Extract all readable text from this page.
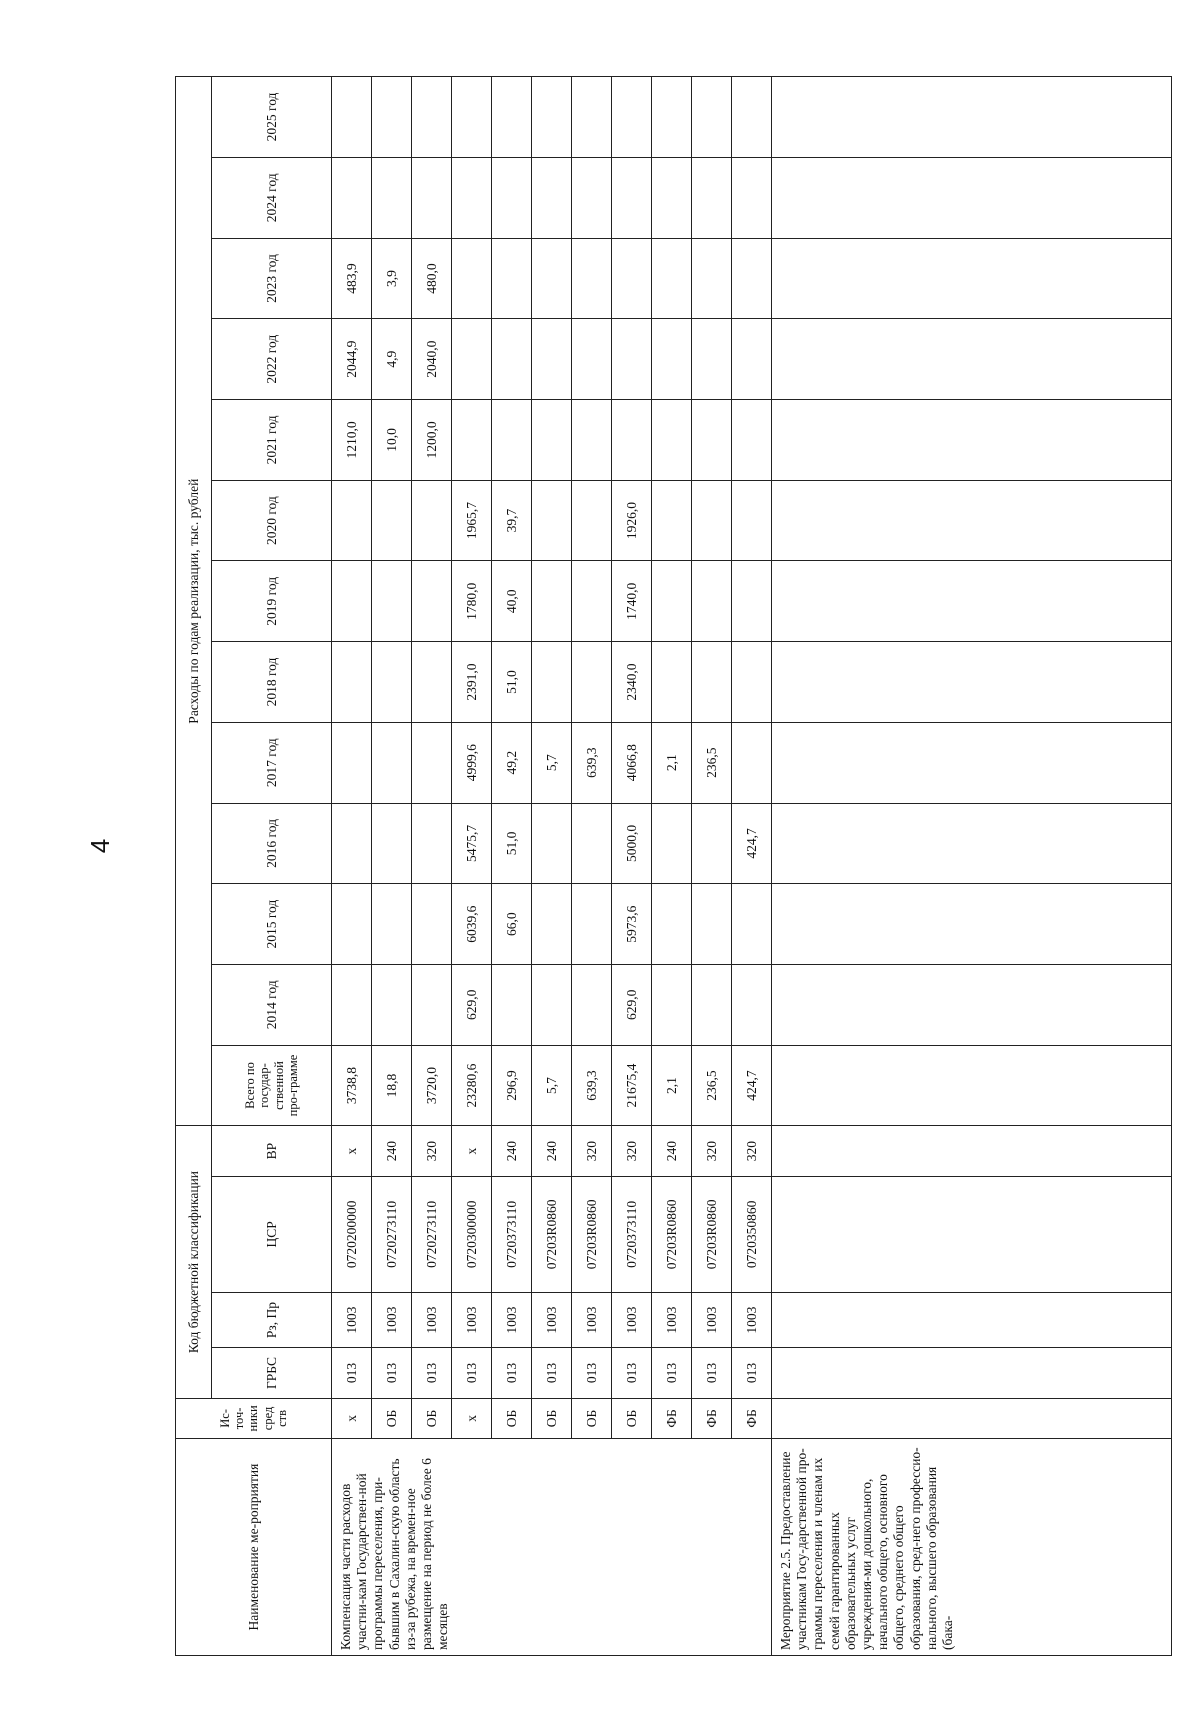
4
Наименование ме-роприятия	Ис-точ-ники сред ств	Код бюджетной классификации				Расходы по годам реализации, тыс. рублей												
		ГРБС	Рз, Пр	ЦСР	ВР	Всего по государ-ственной про-грамме	2014 год	2015 год	2016 год	2017 год	2018 год	2019 год	2020 год	2021 год	2022 год	2023 год	2024 год	2025 год
Компенсация части расходов участни-кам Государствен-ной программы переселения, при-бывшим в Сахалин-скую область из-за рубежа, на времен-ное размещение на период не более 6 месяцев	x	013	1003	0720200000	x	3738,8								1210,0	2044,9	483,9		
	ОБ	013	1003	0720273110	240	18,8								10,0	4,9	3,9		
	ОБ	013	1003	0720273110	320	3720,0								1200,0	2040,0	480,0		
	x	013	1003	0720300000	x	23280,6	629,0	6039,6	5475,7	4999,6	2391,0	1780,0	1965,7					
	ОБ	013	1003	0720373110	240	296,9		66,0	51,0	49,2	51,0	40,0	39,7					
	ОБ	013	1003	07203R0860	240	5,7				5,7								
	ОБ	013	1003	07203R0860	320	639,3				639,3								
	ОБ	013	1003	0720373110	320	21675,4	629,0	5973,6	5000,0	4066,8	2340,0	1740,0	1926,0					
	ФБ	013	1003	07203R0860	240	2,1				2,1								
	ФБ	013	1003	07203R0860	320	236,5				236,5								
	ФБ	013	1003	0720350860	320	424,7			424,7									
Мероприятие 2.5. Предоставление участникам Госу-дарственной про-граммы переселения и членам их семей гарантированных образовательных услуг учреждения-ми дошкольного, начального общего, основного общего, среднего общего образования, сред-него профессио-нального, высшего образования (бака-																		
